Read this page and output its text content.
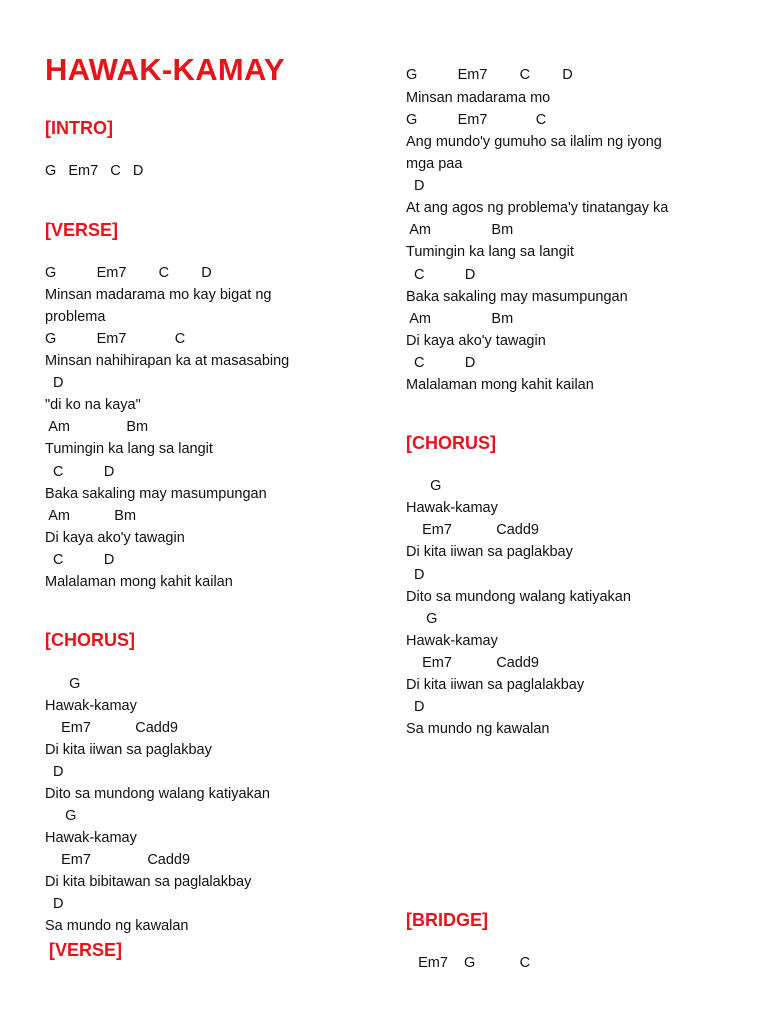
HAWAK-KAMAY
[INTRO]

G   Em7   C   D

[VERSE]

G          Em7        C        D

Minsan madarama mo kay bigat ng

problema

G          Em7            C

Minsan nahihirapan ka at masasabing

D

"di ko na kaya"

Am              Bm

Tumingin ka lang sa langit

C          D

Baka sakaling may masumpungan

Am           Bm

Di kaya ako'y tawagin

C          D

Malalaman mong kahit kailan

[CHORUS]

G

Hawak-kamay

Em7           Cadd9

Di kita iiwan sa paglakbay

D

Dito sa mundong walang katiyakan

G

Hawak-kamay

Em7              Cadd9

Di kita bibitawan sa paglalakbay

D

Sa mundo ng kawalan

[VERSE]

G          Em7        C        D

Minsan madarama mo

G          Em7            C

Ang mundo'y gumuho sa ilalim ng iyong

mga paa

D

At ang agos ng problema'y tinatangay ka

Am               Bm

Tumingin ka lang sa langit

C          D

Baka sakaling may masumpungan

Am               Bm

Di kaya ako'y tawagin

C          D

Malalaman mong kahit kailan

[CHORUS]

G

Hawak-kamay

Em7           Cadd9

Di kita iiwan sa paglakbay

D

Dito sa mundong walang katiyakan

G

Hawak-kamay

Em7           Cadd9

Di kita iiwan sa paglalakbay

D

Sa mundo ng kawalan

[BRIDGE]

Em7    G           C
